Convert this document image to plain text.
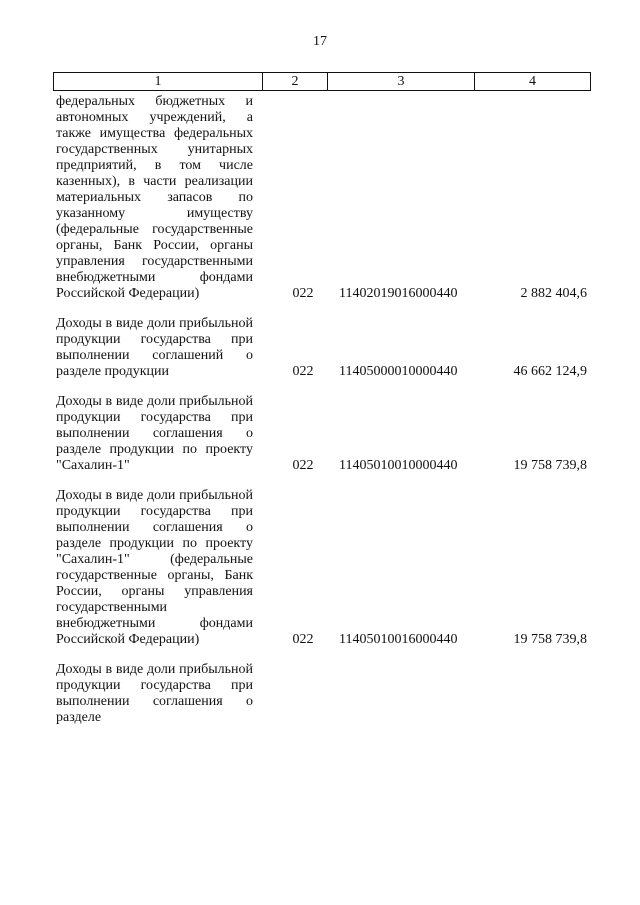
17
1	2	3	4
федеральных бюджетных и автономных учреждений, а также имущества федеральных государственных унитарных предприятий, в том числе казенных), в части реализации материальных запасов по указанному имуществу (федеральные государственные органы, Банк России, органы управления государственными внебюджетными фондами Российской Федерации)	022	11402019016000440	2 882 404,6
Доходы в виде доли прибыльной продукции государства при выполнении соглашений о разделе продукции	022	11405000010000440	46 662 124,9
Доходы в виде доли прибыльной продукции государства при выполнении соглашения о разделе продукции по проекту "Сахалин-1"	022	11405010010000440	19 758 739,8
Доходы в виде доли прибыльной продукции государства при выполнении соглашения о разделе продукции по проекту "Сахалин-1" (федеральные государственные органы, Банк России, органы управления государственными внебюджетными фондами Российской Федерации)	022	11405010016000440	19 758 739,8
Доходы в виде доли прибыльной продукции государства при выполнении соглашения о разделе
